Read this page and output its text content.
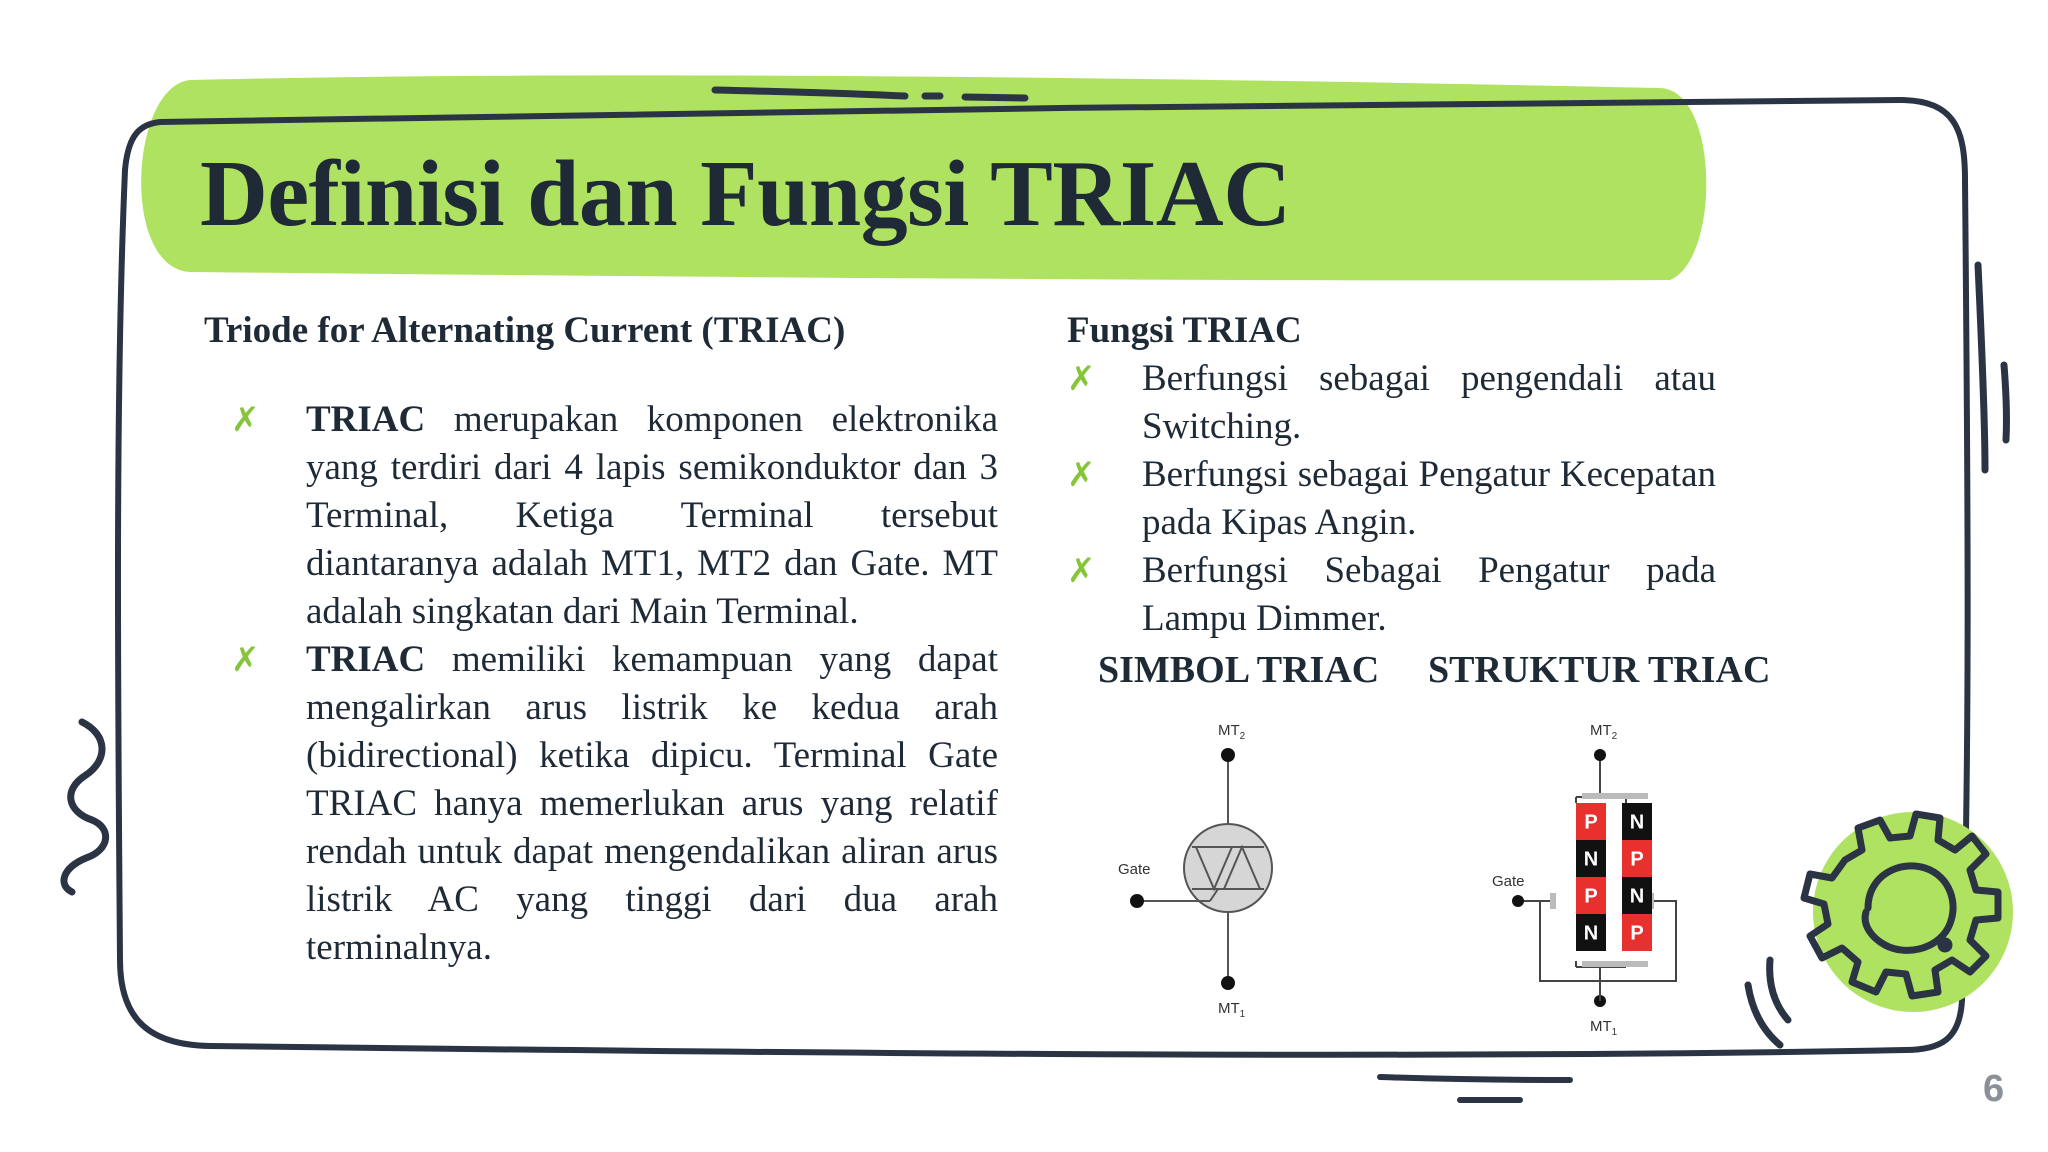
Definisi dan Fungsi TRIAC
Triode for Alternating Current (TRIAC)
✗ TRIAC merupakan komponen elektronika yang terdiri dari 4 lapis semikonduktor dan 3 Terminal, Ketiga Terminal tersebut diantaranya adalah MT1, MT2 dan Gate. MT adalah singkatan dari Main Terminal.
✗ TRIAC memiliki kemampuan yang dapat mengalirkan arus listrik ke kedua arah (bidirectional) ketika dipicu. Terminal Gate TRIAC hanya memerlukan arus yang relatif rendah untuk dapat mengendalikan aliran arus listrik AC yang tinggi dari dua arah terminalnya.
Fungsi TRIAC
✗ Berfungsi sebagai pengendali atau Switching.
✗ Berfungsi sebagai Pengatur Kecepatan pada Kipas Angin.
✗ Berfungsi Sebagai Pengatur pada Lampu Dimmer.
SIMBOL TRIAC STRUKTUR TRIAC
$MT_2$
$MT_1$
Gate
P
N
P
N
N
P
N
P
$MT_2$
$MT_1$
Gate
6
